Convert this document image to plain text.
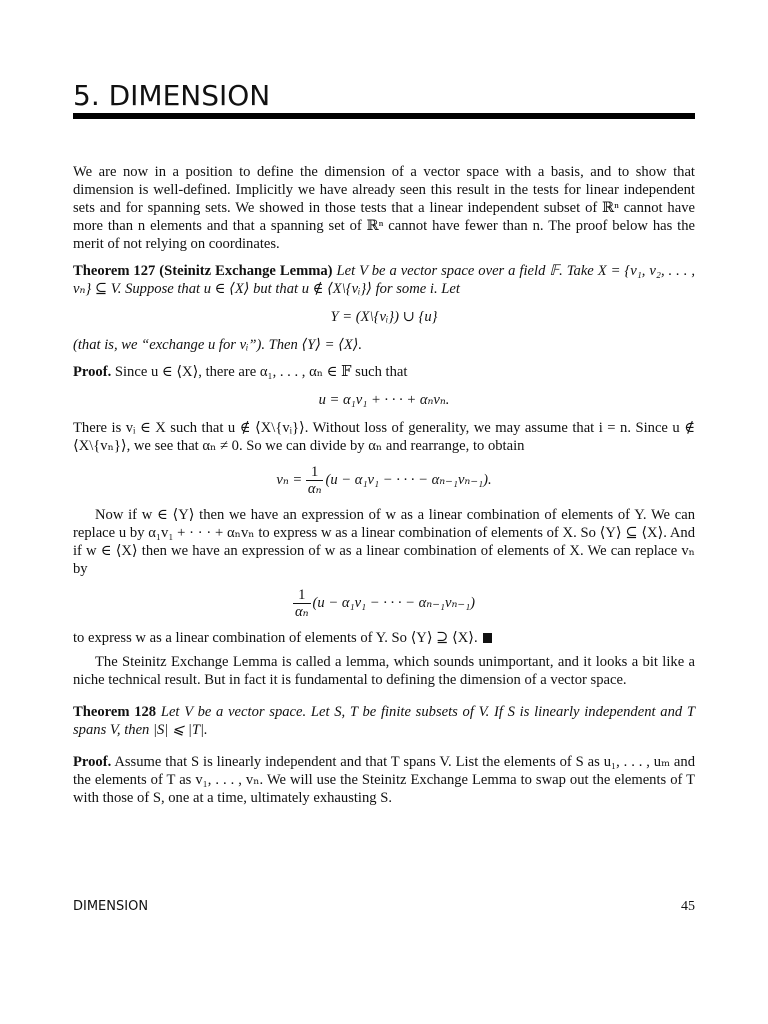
5. DIMENSION

We are now in a position to define the dimension of a vector space with a basis, and to show that dimension is well-defined. Implicitly we have already seen this result in the tests for linear independent sets and for spanning sets. We showed in those tests that a linear independent subset of ℝⁿ cannot have more than n elements and that a spanning set of ℝⁿ cannot have fewer than n. The proof below has the merit of not relying on coordinates.

Theorem 127 (Steinitz Exchange Lemma) Let V be a vector space over a field 𝔽. Take X = {v₁, v₂, . . . , vₙ} ⊆ V. Suppose that u ∈ ⟨X⟩ but that u ∉ ⟨X\{vᵢ}⟩ for some i. Let

Y = (X\{vᵢ}) ∪ {u}

(that is, we “exchange u for vᵢ”). Then ⟨Y⟩ = ⟨X⟩.

Proof. Since u ∈ ⟨X⟩, there are α₁, . . . , αₙ ∈ 𝔽 such that

u = α₁v₁ + · · · + αₙvₙ.

There is vᵢ ∈ X such that u ∉ ⟨X\{vᵢ}⟩. Without loss of generality, we may assume that i = n. Since u ∉ ⟨X\{vₙ}⟩, we see that αₙ ≠ 0. So we can divide by αₙ and rearrange, to obtain

$v_n = \frac{1}{\text{αₙ}} (u - \alpha_1v_1$ − · · · − αₙ₋₁vₙ₋₁).

Now if w ∈ ⟨Y⟩ then we have an expression of w as a linear combination of elements of Y. We can replace u by α₁v₁ + · · · + αₙvₙ to express w as a linear combination of elements of X. So ⟨Y⟩ ⊆ ⟨X⟩. And if w ∈ ⟨X⟩ then we have an expression of w as a linear combination of elements of X. We can replace vₙ by

$\frac{1}{\text{αₙ}} (u - \alpha_1v_1$ − · · · − αₙ₋₁vₙ₋₁)

to express w as a linear combination of elements of Y. So ⟨Y⟩ ⊇ ⟨X⟩.

The Steinitz Exchange Lemma is called a lemma, which sounds unimportant, and it looks a bit like a niche technical result. But in fact it is fundamental to defining the dimension of a vector space.

Theorem 128 Let V be a vector space. Let S, T be finite subsets of V. If S is linearly independent and T spans V, then |S| ⩽ |T|.

Proof. Assume that S is linearly independent and that T spans V. List the elements of S as u₁, . . . , uₘ and the elements of T as v₁, . . . , vₙ. We will use the Steinitz Exchange Lemma to swap out the elements of T with those of S, one at a time, ultimately exhausting S.

DIMENSION	45
